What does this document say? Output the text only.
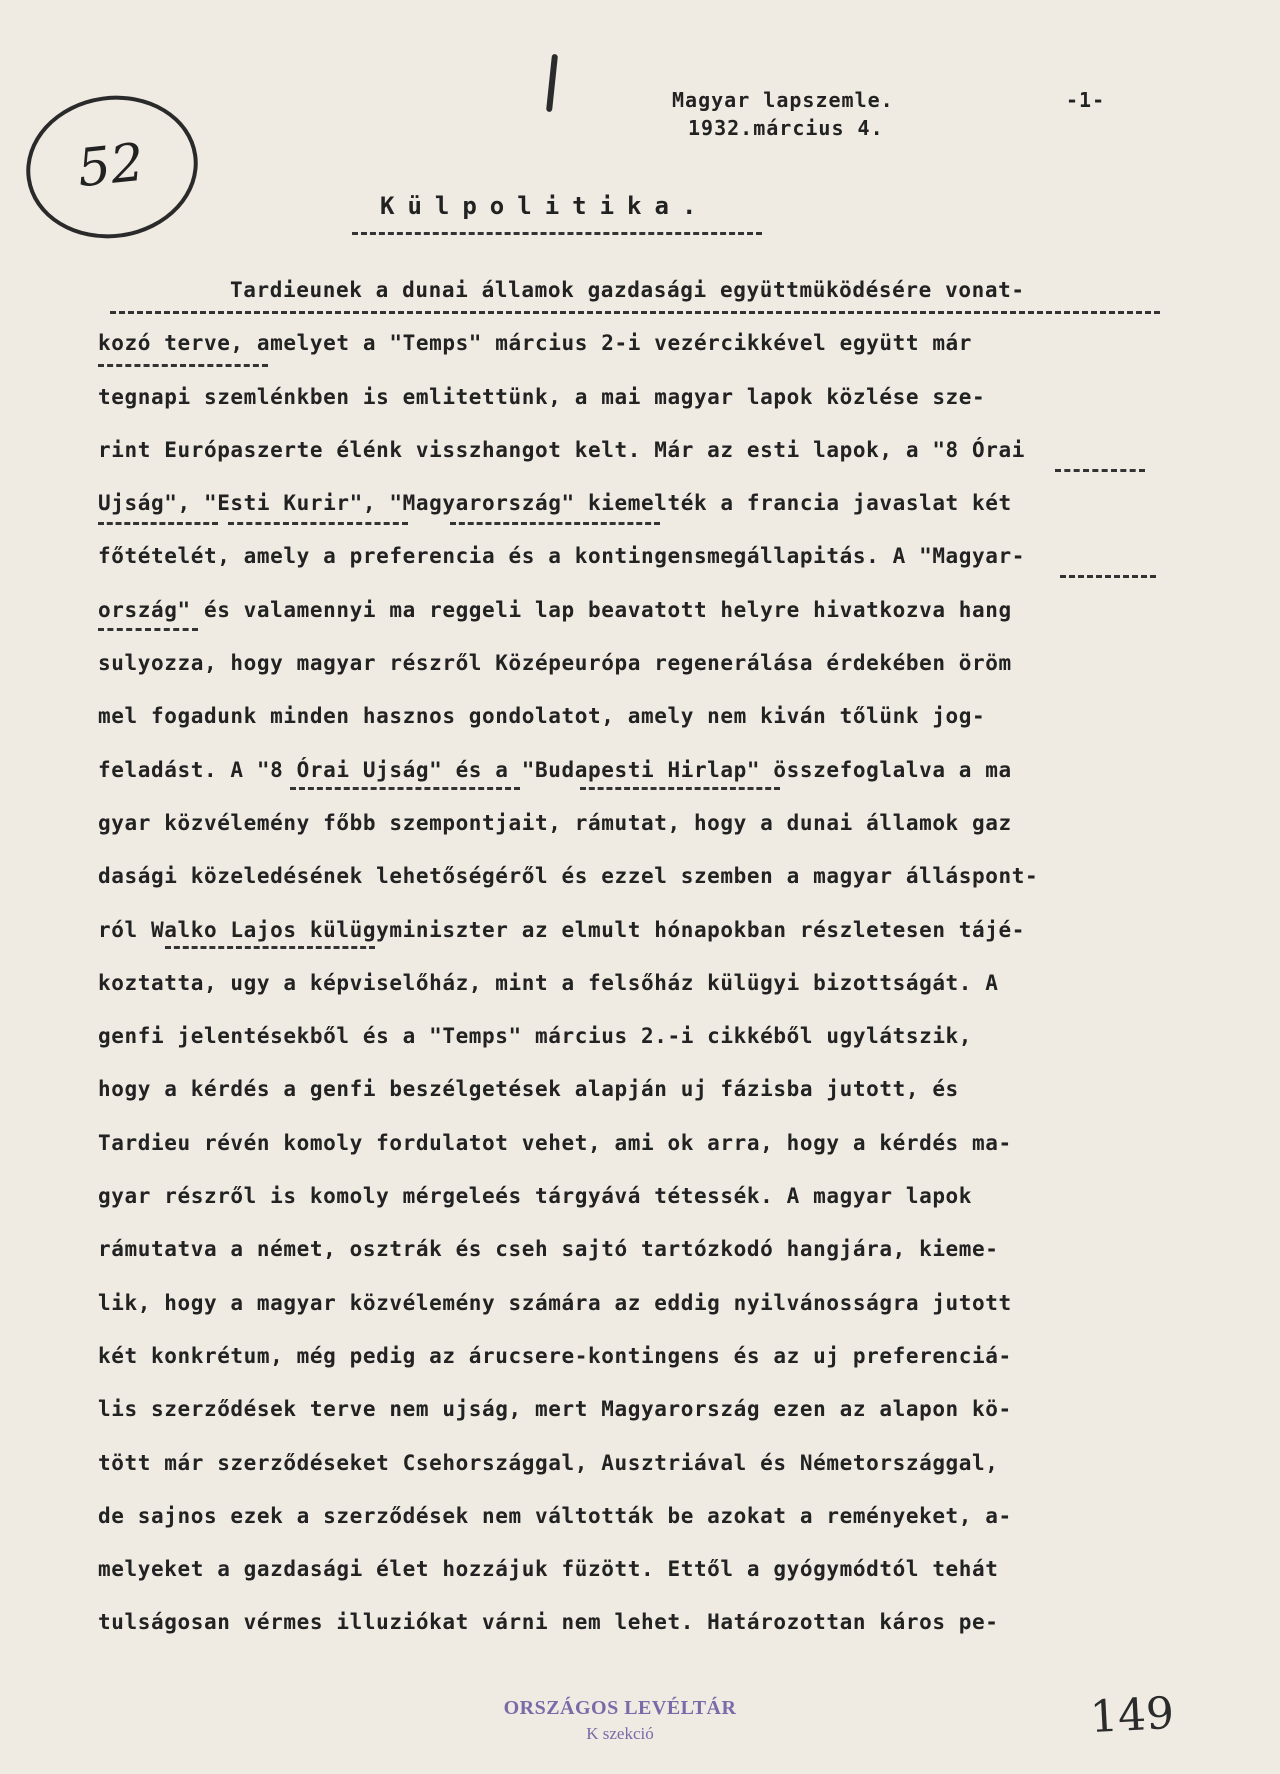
52
Magyar lapszemle.	-1-
1932.március 4.
Külpolitika.
Tardieunek a dunai államok gazdasági együttmüködésére vonat-
kozó terve, amelyet a "Temps" március 2-i vezércikkével együtt már
tegnapi szemlénkben is emlitettünk, a mai magyar lapok közlése sze-
rint Európaszerte élénk visszhangot kelt. Már az esti lapok, a "8 Órai
Ujság", "Esti Kurir", "Magyarország" kiemelték a francia javaslat két
főtételét, amely a preferencia és a kontingensmegállapitás. A "Magyar-
ország" és valamennyi ma reggeli lap beavatott helyre hivatkozva hang
sulyozza, hogy magyar részről Középeurópa regenerálása érdekében öröm
mel fogadunk minden hasznos gondolatot, amely nem kiván tőlünk jog-
feladást. A "8 Órai Ujság" és a "Budapesti Hirlap" összefoglalva a ma
gyar közvélemény főbb szempontjait, rámutat, hogy a dunai államok gaz
dasági közeledésének lehetőségéről és ezzel szemben a magyar álláspont-
ról Walko Lajos külügyminiszter az elmult hónapokban részletesen tájé-
koztatta, ugy a képviselőház, mint a felsőház külügyi bizottságát. A
genfi jelentésekből és a "Temps" március 2.-i cikkéből ugylátszik,
hogy a kérdés a genfi beszélgetések alapján uj fázisba jutott, és
Tardieu révén komoly fordulatot vehet, ami ok arra, hogy a kérdés ma-
gyar részről is komoly mérgeleés tárgyává tétessék. A magyar lapok
rámutatva a német, osztrák és cseh sajtó tartózkodó hangjára, kieme-
lik, hogy a magyar közvélemény számára az eddig nyilvánosságra jutott
két konkrétum, még pedig az árucsere-kontingens és az uj preferenciá-
lis szerződések terve nem ujság, mert Magyarország ezen az alapon kö-
tött már szerződéseket Csehországgal, Ausztriával és Németországgal,
de sajnos ezek a szerződések nem váltották be azokat a reményeket, a-
melyeket a gazdasági élet hozzájuk füzött. Ettől a gyógymódtól tehát
tulságosan vérmes illuziókat várni nem lehet. Határozottan káros pe-
ORSZÁGOS LEVÉLTÁR
K szekció	149
